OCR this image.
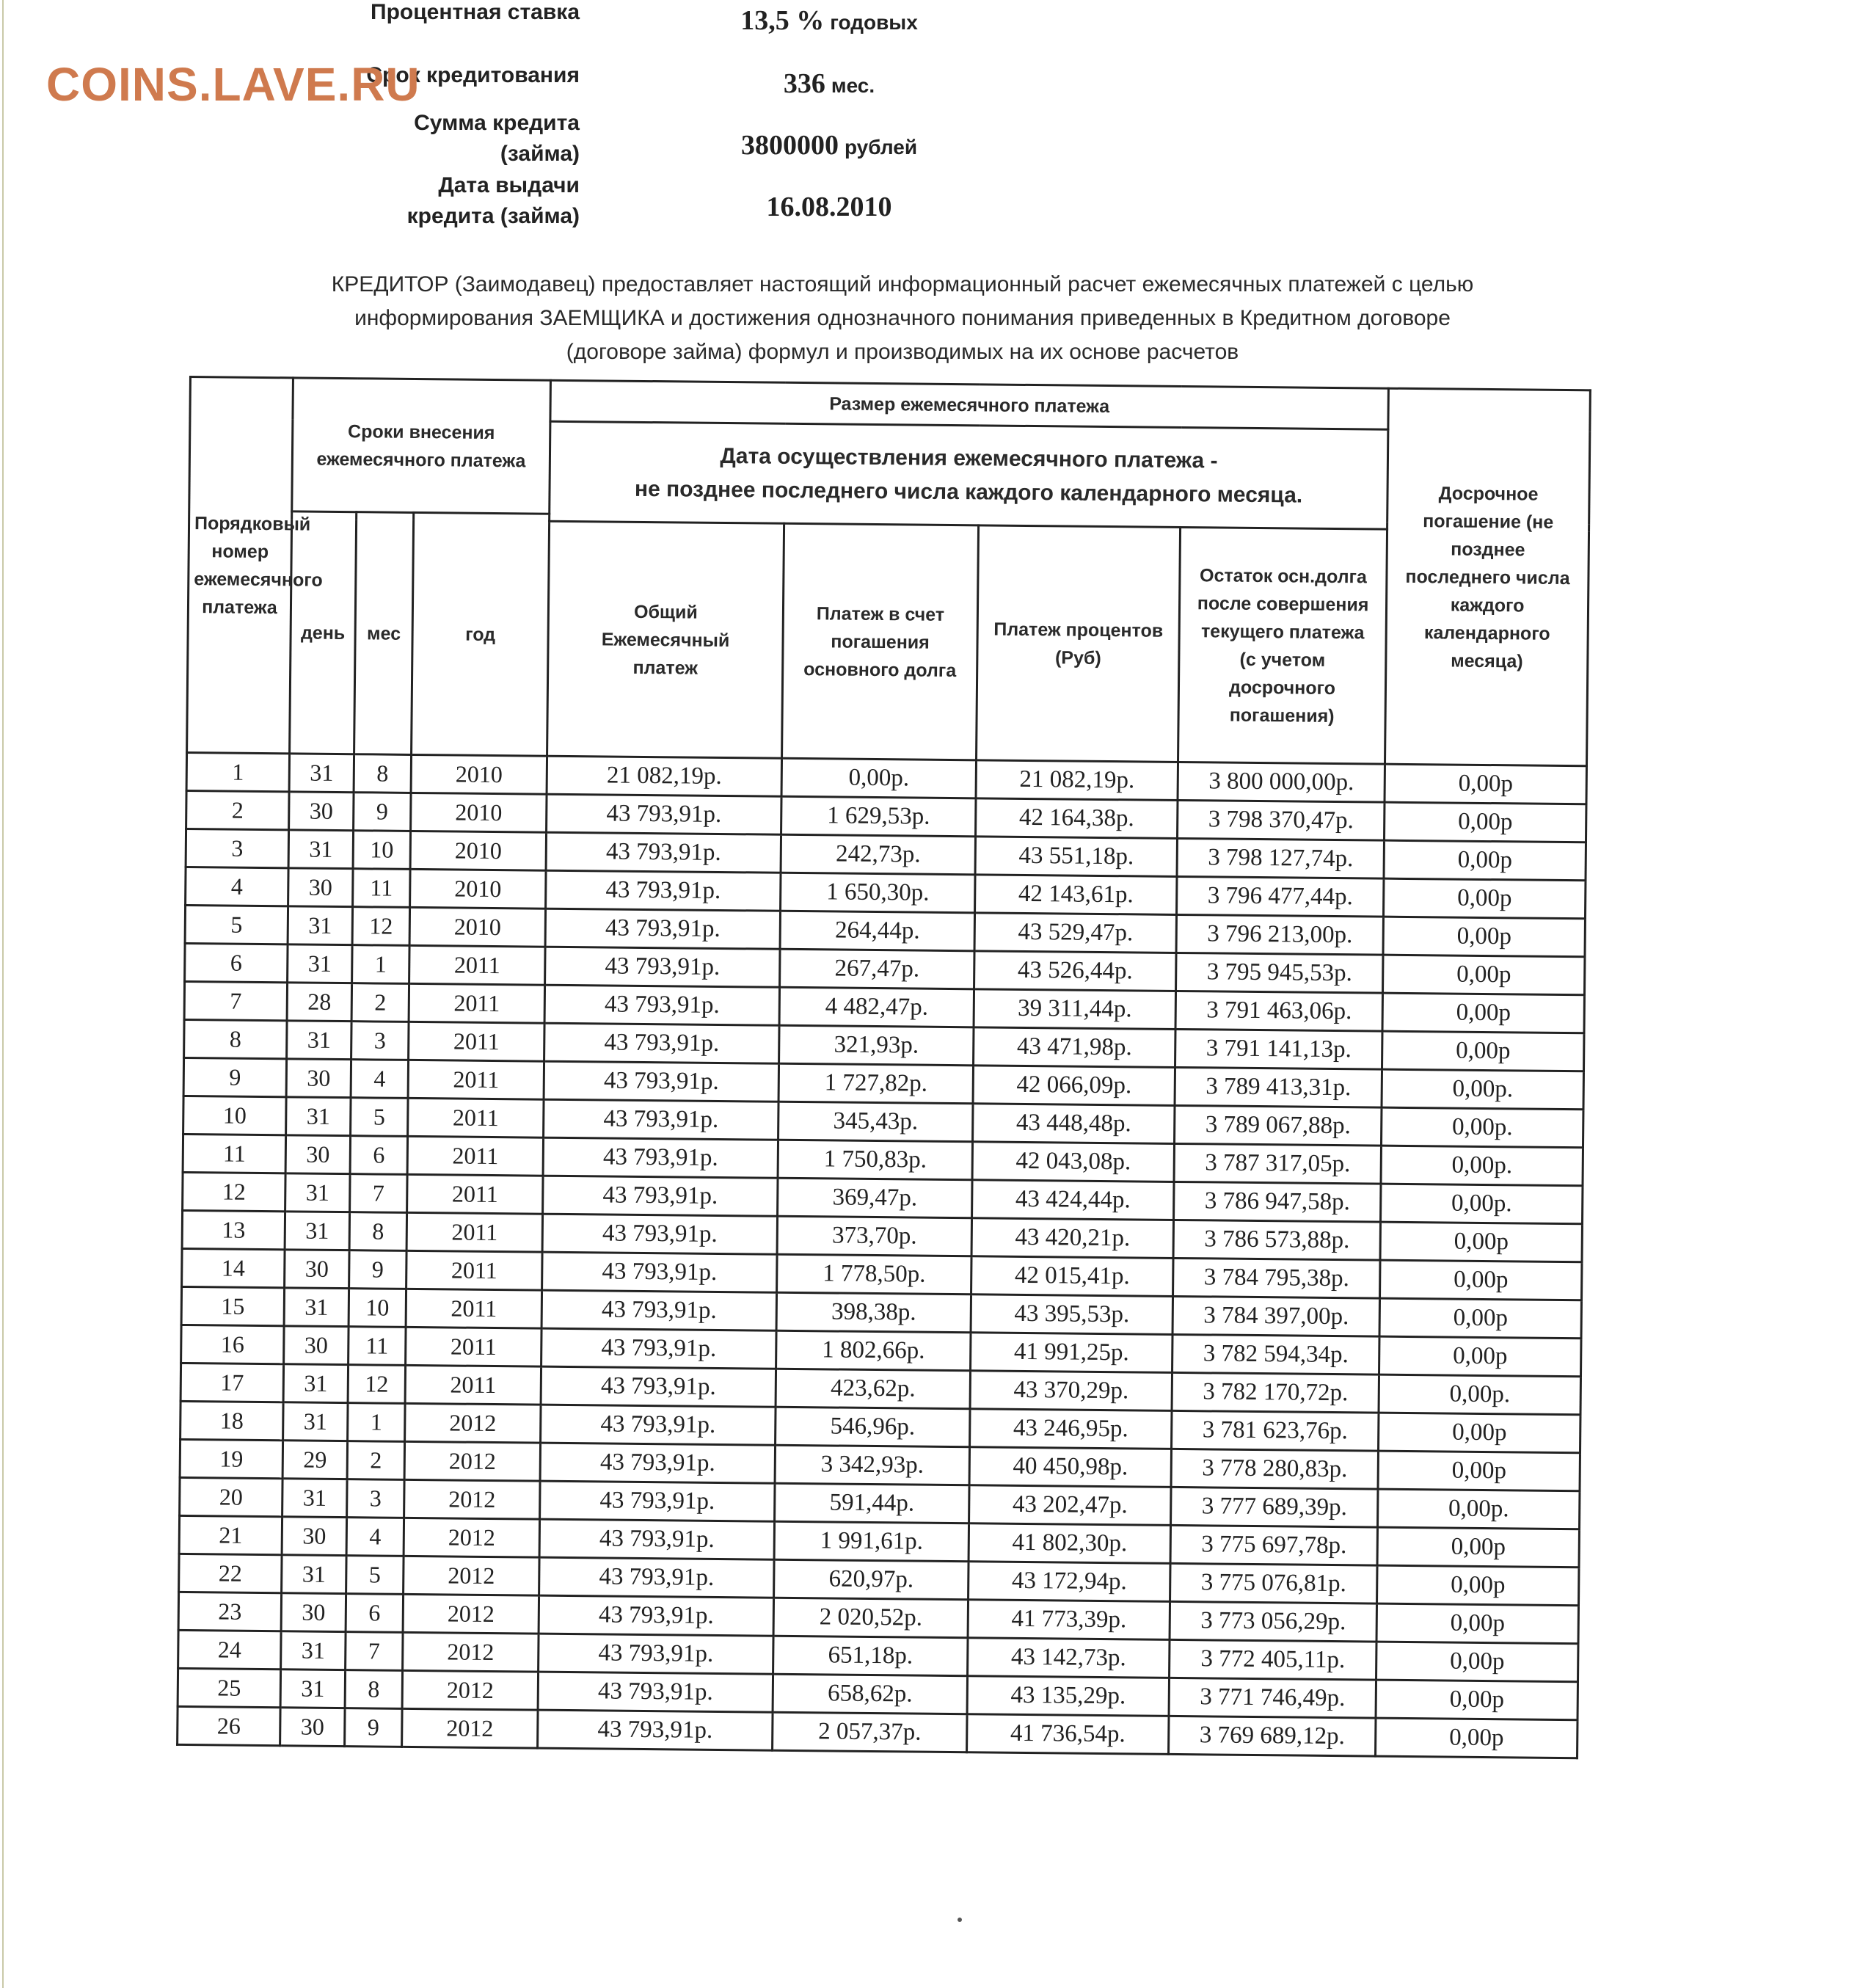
COINS.LAVE.RU
Процентная ставка	13,5 % годовых
Срок кредитования	336 мес.
Сумма кредита
(займа)	3800000 рублей
Дата выдачи
кредита (займа)	16.08.2010
КРЕДИТОР (Заимодавец) предоставляет настоящий информационный расчет ежемесячных платежей с целью
информирования ЗАЕМЩИКА и достижения однозначного понимания приведенных в Кредитном договоре
(договоре займа) формул и производимых на их основе расчетов
Порядковый номер ежемесячного платежа	Сроки внесения ежемесячного платежа			Размер ежемесячного платежа				Досрочное погашение (не позднее последнего числа каждого календарного месяца)

				Дата осуществления ежемесячного платежа -
не позднее последнего числа каждого календарного месяца.				

	день	мес	год					
				Общий Ежемесячный платеж	Платеж в счет погашения основного долга	Платеж процентов (Руб)	Остаток осн.долга после совершения текущего платежа (с учетом досрочного погашения)	
1	31	8	2010	21 082,19р.	0,00р.	21 082,19р.	3 800 000,00р.	0,00р
2	30	9	2010	43 793,91р.	1 629,53р.	42 164,38р.	3 798 370,47р.	0,00р
3	31	10	2010	43 793,91р.	242,73р.	43 551,18р.	3 798 127,74р.	0,00р
4	30	11	2010	43 793,91р.	1 650,30р.	42 143,61р.	3 796 477,44р.	0,00р
5	31	12	2010	43 793,91р.	264,44р.	43 529,47р.	3 796 213,00р.	0,00р
6	31	1	2011	43 793,91р.	267,47р.	43 526,44р.	3 795 945,53р.	0,00р
7	28	2	2011	43 793,91р.	4 482,47р.	39 311,44р.	3 791 463,06р.	0,00р
8	31	3	2011	43 793,91р.	321,93р.	43 471,98р.	3 791 141,13р.	0,00р
9	30	4	2011	43 793,91р.	1 727,82р.	42 066,09р.	3 789 413,31р.	0,00р.
10	31	5	2011	43 793,91р.	345,43р.	43 448,48р.	3 789 067,88р.	0,00р.
11	30	6	2011	43 793,91р.	1 750,83р.	42 043,08р.	3 787 317,05р.	0,00р.
12	31	7	2011	43 793,91р.	369,47р.	43 424,44р.	3 786 947,58р.	0,00р.
13	31	8	2011	43 793,91р.	373,70р.	43 420,21р.	3 786 573,88р.	0,00р
14	30	9	2011	43 793,91р.	1 778,50р.	42 015,41р.	3 784 795,38р.	0,00р
15	31	10	2011	43 793,91р.	398,38р.	43 395,53р.	3 784 397,00р.	0,00р
16	30	11	2011	43 793,91р.	1 802,66р.	41 991,25р.	3 782 594,34р.	0,00р
17	31	12	2011	43 793,91р.	423,62р.	43 370,29р.	3 782 170,72р.	0,00р.
18	31	1	2012	43 793,91р.	546,96р.	43 246,95р.	3 781 623,76р.	0,00р
19	29	2	2012	43 793,91р.	3 342,93р.	40 450,98р.	3 778 280,83р.	0,00р
20	31	3	2012	43 793,91р.	591,44р.	43 202,47р.	3 777 689,39р.	0,00р.
21	30	4	2012	43 793,91р.	1 991,61р.	41 802,30р.	3 775 697,78р.	0,00р
22	31	5	2012	43 793,91р.	620,97р.	43 172,94р.	3 775 076,81р.	0,00р
23	30	6	2012	43 793,91р.	2 020,52р.	41 773,39р.	3 773 056,29р.	0,00р
24	31	7	2012	43 793,91р.	651,18р.	43 142,73р.	3 772 405,11р.	0,00р
25	31	8	2012	43 793,91р.	658,62р.	43 135,29р.	3 771 746,49р.	0,00р
26	30	9	2012	43 793,91р.	2 057,37р.	41 736,54р.	3 769 689,12р.	0,00р
